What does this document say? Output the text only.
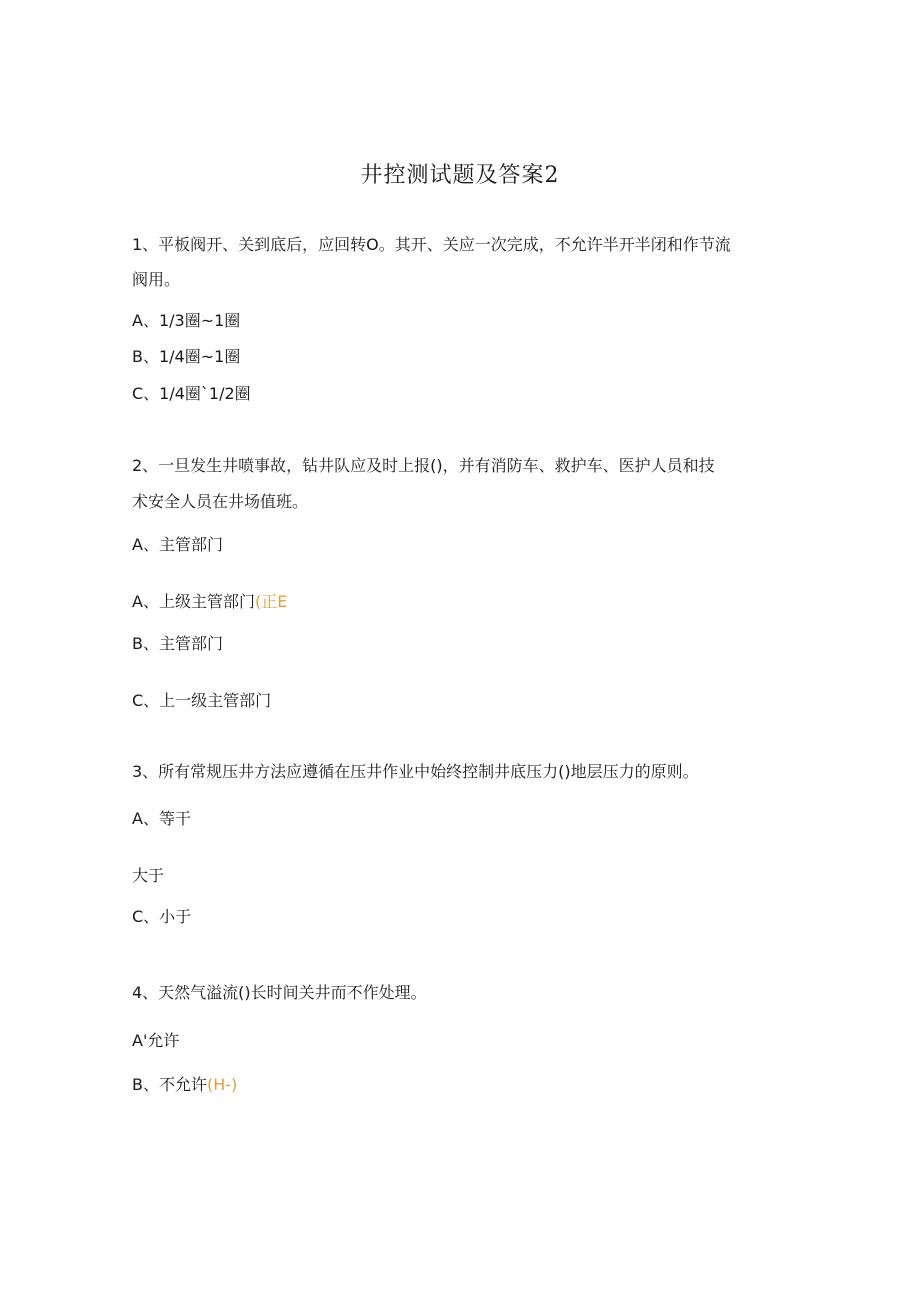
井控测试题及答案2
1、平板阀开、关到底后，应回转O。其开、关应一次完成，不允许半开半闭和作节流
阀用。
A、1/3圈~1圈
B、1/4圈~1圈
C、1/4圈`1/2圈
2、一旦发生井喷事故，钻井队应及时上报()，并有消防车、救护车、医护人员和技
术安全人员在井场值班。
A、主管部门
A、上级主管部门(正E
B、主管部门
C、上一级主管部门
3、所有常规压井方法应遵循在压井作业中始终控制井底压力()地层压力的原则。
A、等干
大于
C、小于
4、天然气溢流()长时间关井而不作处理。
A'允许
B、不允许(H-)
